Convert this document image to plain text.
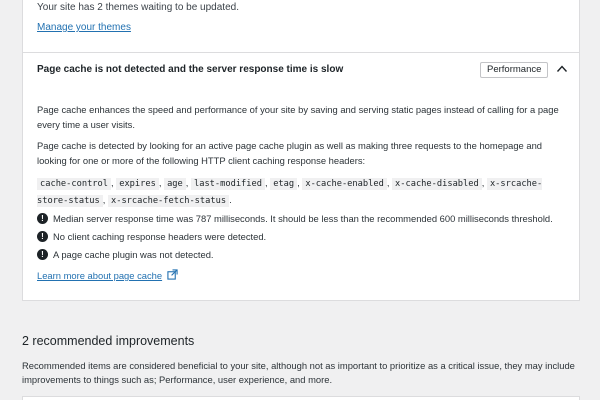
Your site has 2 themes waiting to be updated.
Manage your themes
Page cache is not detected and the server response time is slow	Performance
Page cache enhances the speed and performance of your site by saving and serving static pages instead of calling for a page every time a user visits.
Page cache is detected by looking for an active page cache plugin as well as making three requests to the homepage and looking for one or more of the following HTTP client caching response headers:
cache-control , expires , age , last-modified , etag , x-cache-enabled , x-cache-disabled , x-srcache-store-status , x-srcache-fetch-status .
! Median server response time was 787 milliseconds. It should be less than the recommended 600 milliseconds threshold.
! No client caching response headers were detected.
! A page cache plugin was not detected.
Learn more about page cache
2 recommended improvements
Recommended items are considered beneficial to your site, although not as important to prioritize as a critical issue, they may include improvements to things such as; Performance, user experience, and more.
